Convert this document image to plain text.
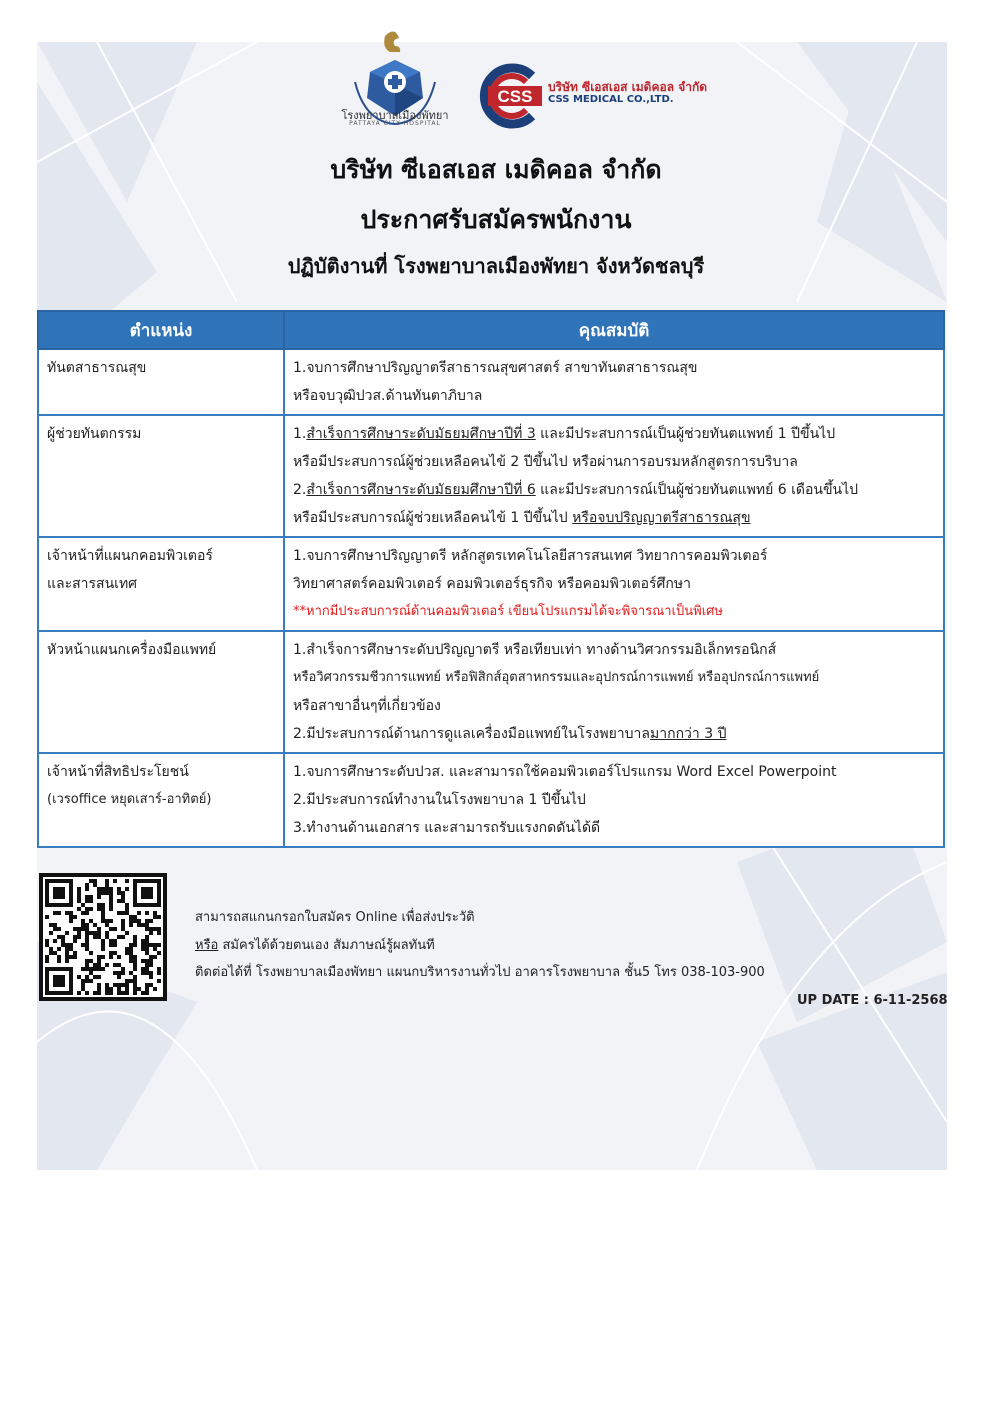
โรงพยาบาลเมืองพัทยา
PATTAYA CITY HOSPITAL
CSS บริษัท ซีเอสเอส เมดิคอล จำกัด
CSS MEDICAL CO.,LTD.
บริษัท ซีเอสเอส เมดิคอล จำกัด
ประกาศรับสมัครพนักงาน
ปฏิบัติงานที่ โรงพยาบาลเมืองพัทยา จังหวัดชลบุรี
ตำแหน่ง	คุณสมบัติ

ทันตสาธารณสุข	1.จบการศึกษาปริญญาตรีสาธารณสุขศาสตร์ สาขาทันตสาธารณสุข
หรือจบวุฒิปวส.ด้านทันตาภิบาล

ผู้ช่วยทันตกรรม	1.สำเร็จการศึกษาระดับมัธยมศึกษาปีที่ 3 และมีประสบการณ์เป็นผู้ช่วยทันตแพทย์ 1 ปีขึ้นไป
หรือมีประสบการณ์ผู้ช่วยเหลือคนไข้ 2 ปีขึ้นไป หรือผ่านการอบรมหลักสูตรการบริบาล
2.สำเร็จการศึกษาระดับมัธยมศึกษาปีที่ 6 และมีประสบการณ์เป็นผู้ช่วยทันตแพทย์ 6 เดือนขึ้นไป
หรือมีประสบการณ์ผู้ช่วยเหลือคนไข้ 1 ปีขึ้นไป หรือจบปริญญาตรีสาธารณสุข

เจ้าหน้าที่แผนกคอมพิวเตอร์
และสารสนเทศ	1.จบการศึกษาปริญญาตรี หลักสูตรเทคโนโลยีสารสนเทศ วิทยาการคอมพิวเตอร์
วิทยาศาสตร์คอมพิวเตอร์ คอมพิวเตอร์ธุรกิจ หรือคอมพิวเตอร์ศึกษา
**หากมีประสบการณ์ด้านคอมพิวเตอร์ เขียนโปรแกรมได้จะพิจารณาเป็นพิเศษ

หัวหน้าแผนกเครื่องมือแพทย์	1.สำเร็จการศึกษาระดับปริญญาตรี หรือเทียบเท่า ทางด้านวิศวกรรมอิเล็กทรอนิกส์
หรือวิศวกรรมชีวการแพทย์ หรือฟิสิกส์อุตสาหกรรมและอุปกรณ์การแพทย์ หรืออุปกรณ์การแพทย์
หรือสาขาอื่นๆที่เกี่ยวข้อง
2.มีประสบการณ์ด้านการดูแลเครื่องมือแพทย์ในโรงพยาบาลมากกว่า 3 ปี

เจ้าหน้าที่สิทธิประโยชน์
(เวรoffice หยุดเสาร์-อาทิตย์)	1.จบการศึกษาระดับปวส. และสามารถใช้คอมพิวเตอร์โปรแกรม Word Excel Powerpoint
2.มีประสบการณ์ทำงานในโรงพยาบาล 1 ปีขึ้นไป
3.ทำงานด้านเอกสาร และสามารถรับแรงกดดันได้ดี
สามารถสแกนกรอกใบสมัคร Online เพื่อส่งประวัติ
หรือ สมัครได้ด้วยตนเอง สัมภาษณ์รู้ผลทันที
ติดต่อได้ที่ โรงพยาบาลเมืองพัทยา แผนกบริหารงานทั่วไป อาคารโรงพยาบาล ชั้น5 โทร 038-103-900
UP DATE : 6-11-2568
